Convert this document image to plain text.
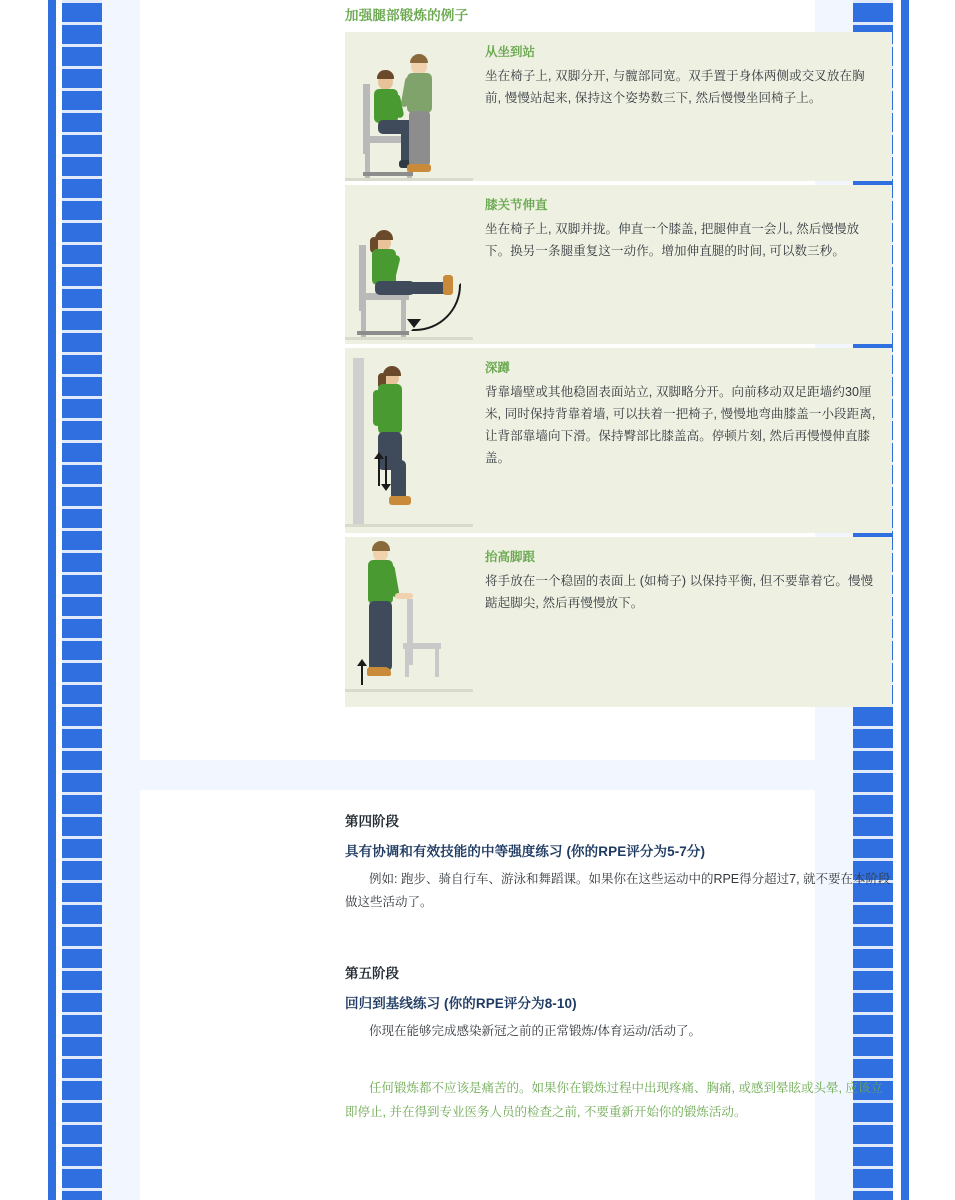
加强腿部锻炼的例子
从坐到站
坐在椅子上, 双脚分开, 与髋部同宽。双手置于身体两侧或交叉放在胸前, 慢慢站起来, 保持这个姿势数三下, 然后慢慢坐回椅子上。
膝关节伸直
坐在椅子上, 双脚并拢。伸直一个膝盖, 把腿伸直一会儿, 然后慢慢放下。换另一条腿重复这一动作。增加伸直腿的时间, 可以数三秒。
深蹲
背靠墙壁或其他稳固表面站立, 双脚略分开。向前移动双足距墙约30厘米, 同时保持背靠着墙, 可以扶着一把椅子, 慢慢地弯曲膝盖一小段距离, 让背部靠墙向下滑。保持臀部比膝盖高。停顿片刻, 然后再慢慢伸直膝盖。
抬高脚跟
将手放在一个稳固的表面上 (如椅子) 以保持平衡, 但不要靠着它。慢慢踮起脚尖, 然后再慢慢放下。
第四阶段
具有协调和有效技能的中等强度练习 (你的RPE评分为5-7分)

例如: 跑步、骑自行车、游泳和舞蹈课。如果你在这些运动中的RPE得分超过7, 就不要在本阶段做这些活动了。

第五阶段
回归到基线练习 (你的RPE评分为8-10)

你现在能够完成感染新冠之前的正常锻炼/体育运动/活动了。

任何锻炼都不应该是痛苦的。如果你在锻炼过程中出现疼痛、胸痛, 或感到晕眩或头晕, 应该立即停止, 并在得到专业医务人员的检查之前, 不要重新开始你的锻炼活动。
